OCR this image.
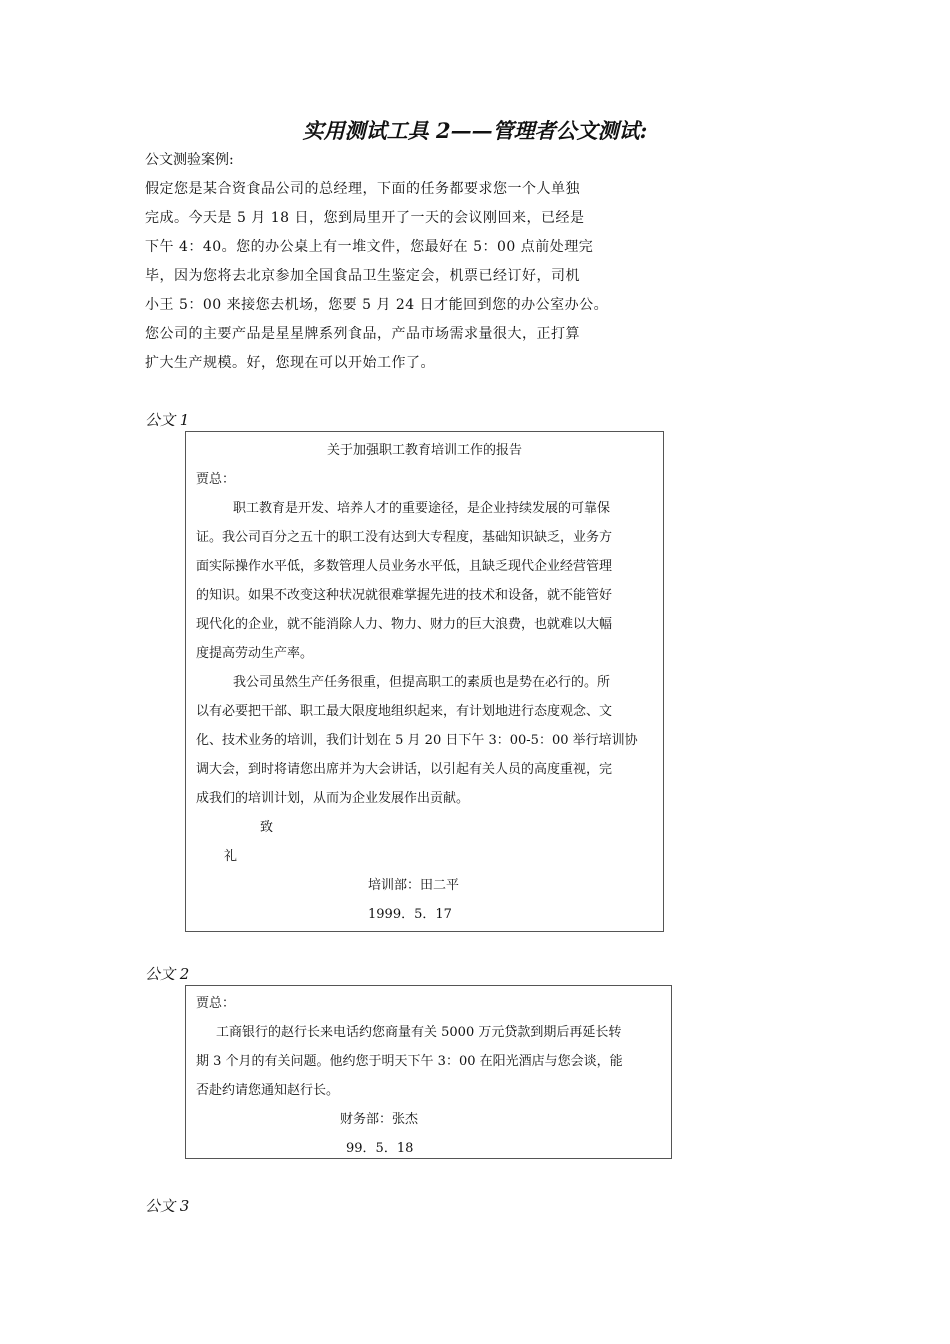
实用测试工具 2——管理者公文测试:
公文测验案例:
假定您是某合资食品公司的总经理，下面的任务都要求您一个人单独
完成。今天是 5 月 18 日，您到局里开了一天的会议刚回来，已经是
下午 4：40。您的办公桌上有一堆文件，您最好在 5：00 点前处理完
毕，因为您将去北京参加全国食品卫生鉴定会，机票已经订好，司机
小王 5：00 来接您去机场，您要 5 月 24 日才能回到您的办公室办公。
您公司的主要产品是星星牌系列食品，产品市场需求量很大，正打算
扩大生产规模。好，您现在可以开始工作了。
公文 1
关于加强职工教育培训工作的报告
贾总：
职工教育是开发、培养人才的重要途径，是企业持续发展的可靠保
证。我公司百分之五十的职工没有达到大专程度，基础知识缺乏，业务方
面实际操作水平低，多数管理人员业务水平低，且缺乏现代企业经营管理
的知识。如果不改变这种状况就很难掌握先进的技术和设备，就不能管好
现代化的企业，就不能消除人力、物力、财力的巨大浪费，也就难以大幅
度提高劳动生产率。
我公司虽然生产任务很重，但提高职工的素质也是势在必行的。所
以有必要把干部、职工最大限度地组织起来，有计划地进行态度观念、文
化、技术业务的培训，我们计划在 5 月 20 日下午 3：00-5：00 举行培训协
调大会，到时将请您出席并为大会讲话，以引起有关人员的高度重视，完
成我们的培训计划，从而为企业发展作出贡献。
致
礼
培训部：田二平
1999．5．17
公文 2
贾总：
工商银行的赵行长来电话约您商量有关 5000 万元贷款到期后再延长转
期 3 个月的有关问题。他约您于明天下午 3：00 在阳光酒店与您会谈，能
否赴约请您通知赵行长。
财务部：张杰
99．5．18
公文 3
